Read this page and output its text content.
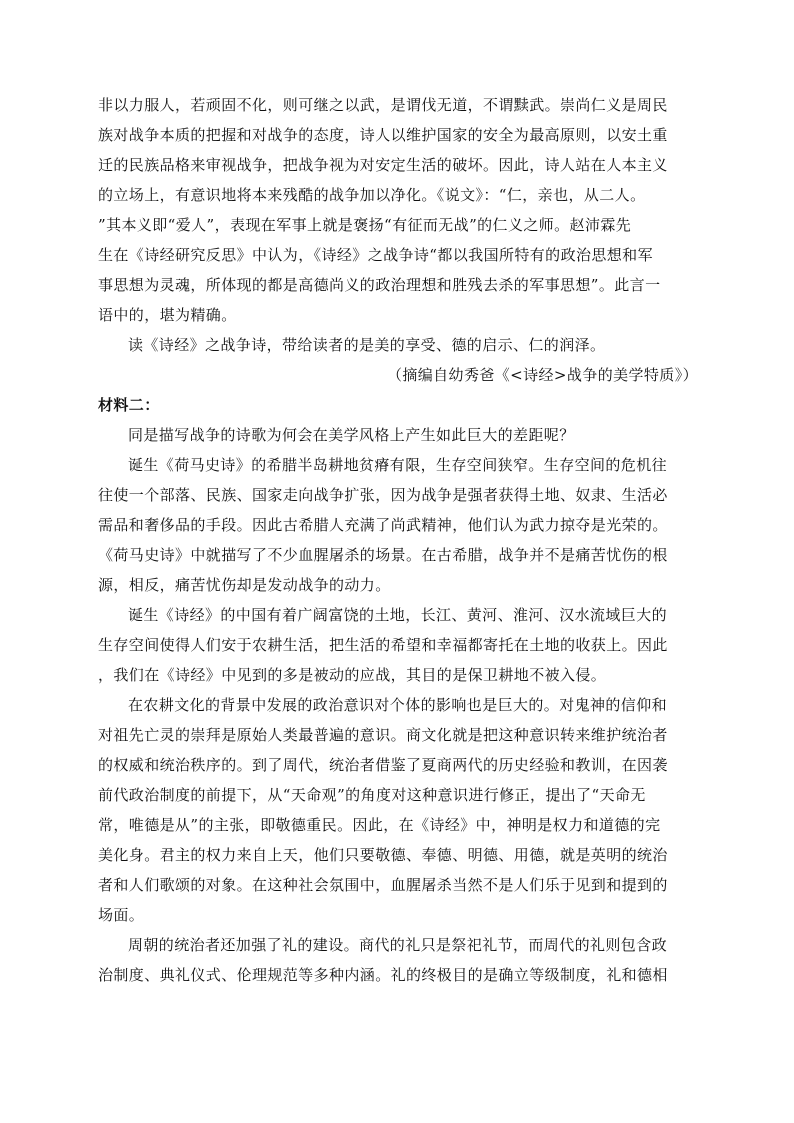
非以力服人，若顽固不化，则可继之以武，是谓伐无道，不谓黩武。崇尚仁义是周民
族对战争本质的把握和对战争的态度，诗人以维护国家的安全为最高原则，以安土重
迁的民族品格来审视战争，把战争视为对安定生活的破坏。因此，诗人站在人本主义
的立场上，有意识地将本来残酷的战争加以净化。《说文》：“仁，亲也，从二人。
”其本义即“爱人”，表现在军事上就是褒扬“有征而无战”的仁义之师。赵沛霖先
生在《诗经研究反思》中认为，《诗经》之战争诗“都以我国所特有的政治思想和军
事思想为灵魂，所体现的都是高德尚义的政治理想和胜残去杀的军事思想”。此言一
语中的，堪为精确。
读《诗经》之战争诗，带给读者的是美的享受、德的启示、仁的润泽。
（摘编自幼秀爸《<诗经>战争的美学特质》）
材料二：
同是描写战争的诗歌为何会在美学风格上产生如此巨大的差距呢？
诞生《荷马史诗》的希腊半岛耕地贫瘠有限，生存空间狭窄。生存空间的危机往
往使一个部落、民族、国家走向战争扩张，因为战争是强者获得土地、奴隶、生活必
需品和奢侈品的手段。因此古希腊人充满了尚武精神，他们认为武力掠夺是光荣的。
《荷马史诗》中就描写了不少血腥屠杀的场景。在古希腊，战争并不是痛苦忧伤的根
源，相反，痛苦忧伤却是发动战争的动力。
诞生《诗经》的中国有着广阔富饶的土地，长江、黄河、淮河、汉水流域巨大的
生存空间使得人们安于农耕生活，把生活的希望和幸福都寄托在土地的收获上。因此
，我们在《诗经》中见到的多是被动的应战，其目的是保卫耕地不被入侵。
在农耕文化的背景中发展的政治意识对个体的影响也是巨大的。对鬼神的信仰和
对祖先亡灵的崇拜是原始人类最普遍的意识。商文化就是把这种意识转来维护统治者
的权威和统治秩序的。到了周代，统治者借鉴了夏商两代的历史经验和教训，在因袭
前代政治制度的前提下，从“天命观”的角度对这种意识进行修正，提出了“天命无
常，唯德是从”的主张，即敬德重民。因此，在《诗经》中，神明是权力和道德的完
美化身。君主的权力来自上天，他们只要敬德、奉德、明德、用德，就是英明的统治
者和人们歌颂的对象。在这种社会氛围中，血腥屠杀当然不是人们乐于见到和提到的
场面。
周朝的统治者还加强了礼的建设。商代的礼只是祭祀礼节，而周代的礼则包含政
治制度、典礼仪式、伦理规范等多种内涵。礼的终极目的是确立等级制度，礼和德相
